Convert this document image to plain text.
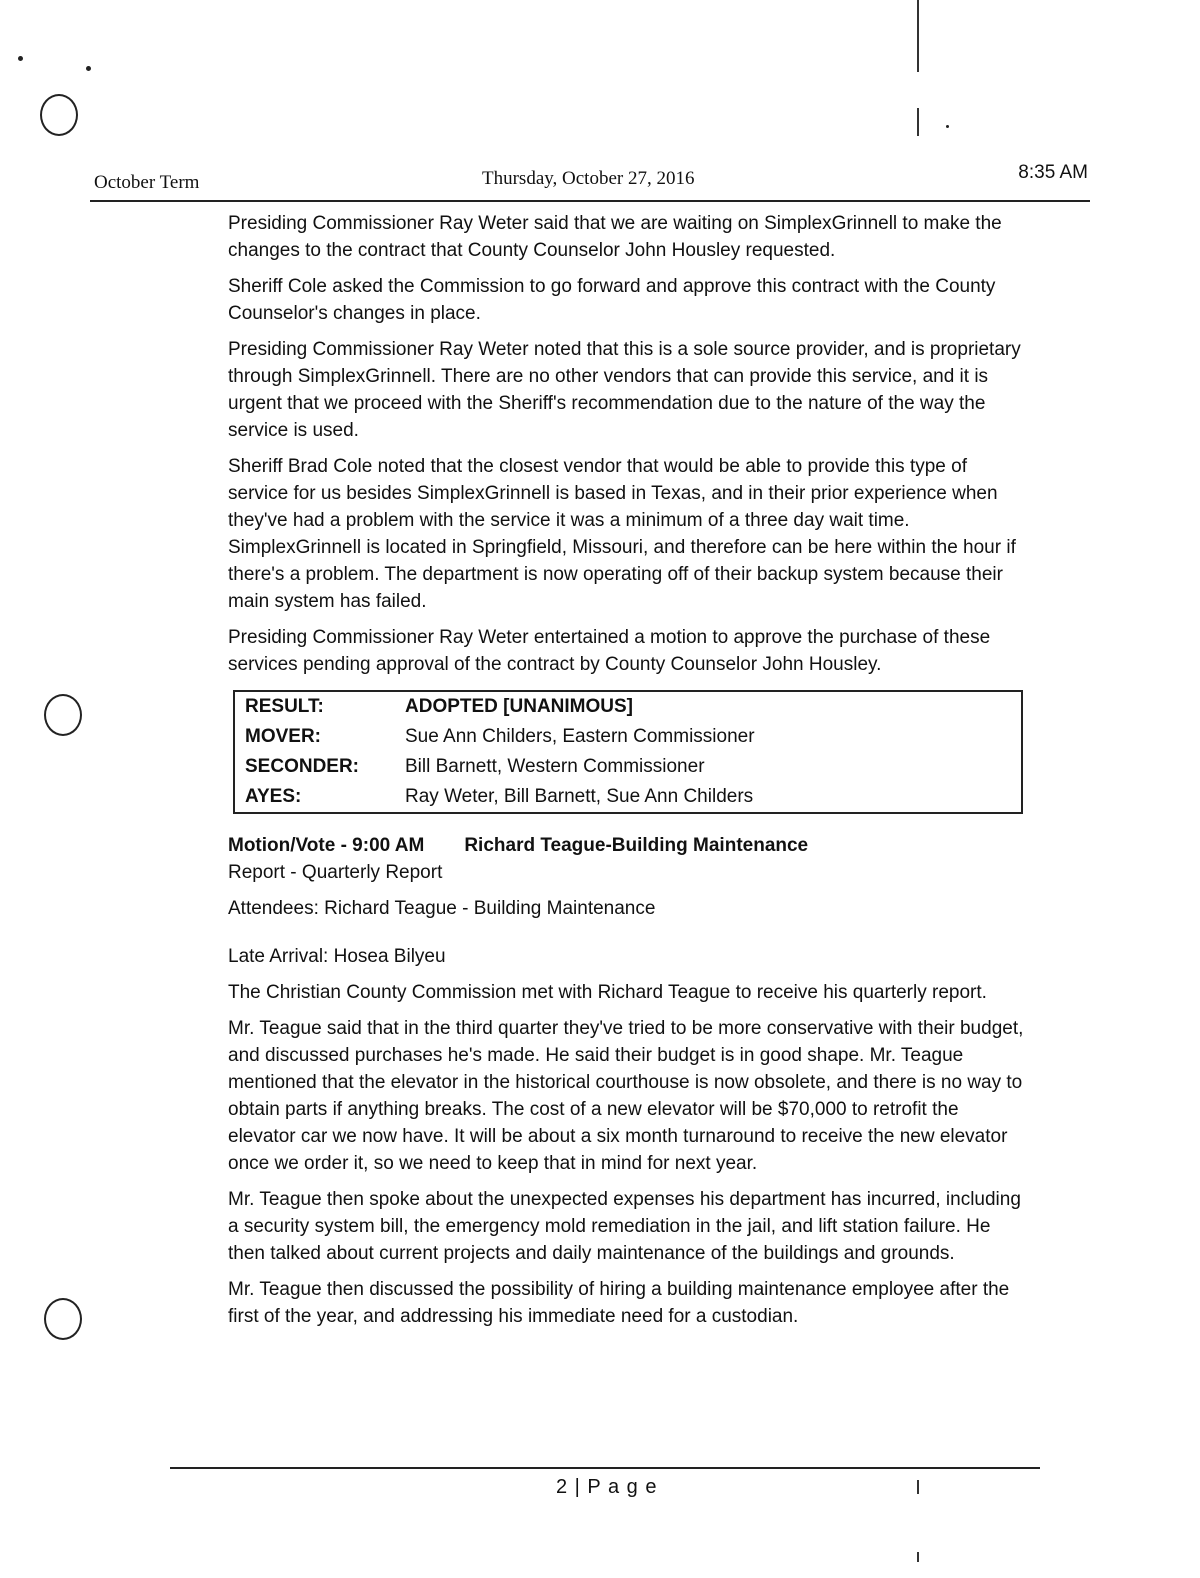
October Term	Thursday, October 27, 2016	8:35 AM

Presiding Commissioner Ray Weter said that we are waiting on SimplexGrinnell to make the changes to the contract that County Counselor John Housley requested.

Sheriff Cole asked the Commission to go forward and approve this contract with the County Counselor's changes in place.

Presiding Commissioner Ray Weter noted that this is a sole source provider, and is proprietary through SimplexGrinnell. There are no other vendors that can provide this service, and it is urgent that we proceed with the Sheriff's recommendation due to the nature of the way the service is used.

Sheriff Brad Cole noted that the closest vendor that would be able to provide this type of service for us besides SimplexGrinnell is based in Texas, and in their prior experience when they've had a problem with the service it was a minimum of a three day wait time. SimplexGrinnell is located in Springfield, Missouri, and therefore can be here within the hour if there's a problem. The department is now operating off of their backup system because their main system has failed.

Presiding Commissioner Ray Weter entertained a motion to approve the purchase of these services pending approval of the contract by County Counselor John Housley.

RESULT:	ADOPTED [UNANIMOUS]
MOVER:	Sue Ann Childers, Eastern Commissioner
SECONDER:	Bill Barnett, Western Commissioner
AYES:	Ray Weter, Bill Barnett, Sue Ann Childers
Motion/Vote - 9:00 AM Richard Teague-Building Maintenance

Report - Quarterly Report

Attendees: Richard Teague - Building Maintenance

Late Arrival: Hosea Bilyeu

The Christian County Commission met with Richard Teague to receive his quarterly report.

Mr. Teague said that in the third quarter they've tried to be more conservative with their budget, and discussed purchases he's made. He said their budget is in good shape. Mr. Teague mentioned that the elevator in the historical courthouse is now obsolete, and there is no way to obtain parts if anything breaks. The cost of a new elevator will be $70,000 to retrofit the elevator car we now have. It will be about a six month turnaround to receive the new elevator once we order it, so we need to keep that in mind for next year.

Mr. Teague then spoke about the unexpected expenses his department has incurred, including a security system bill, the emergency mold remediation in the jail, and lift station failure. He then talked about current projects and daily maintenance of the buildings and grounds.

Mr. Teague then discussed the possibility of hiring a building maintenance employee after the first of the year, and addressing his immediate need for a custodian.

2 | P a g e
